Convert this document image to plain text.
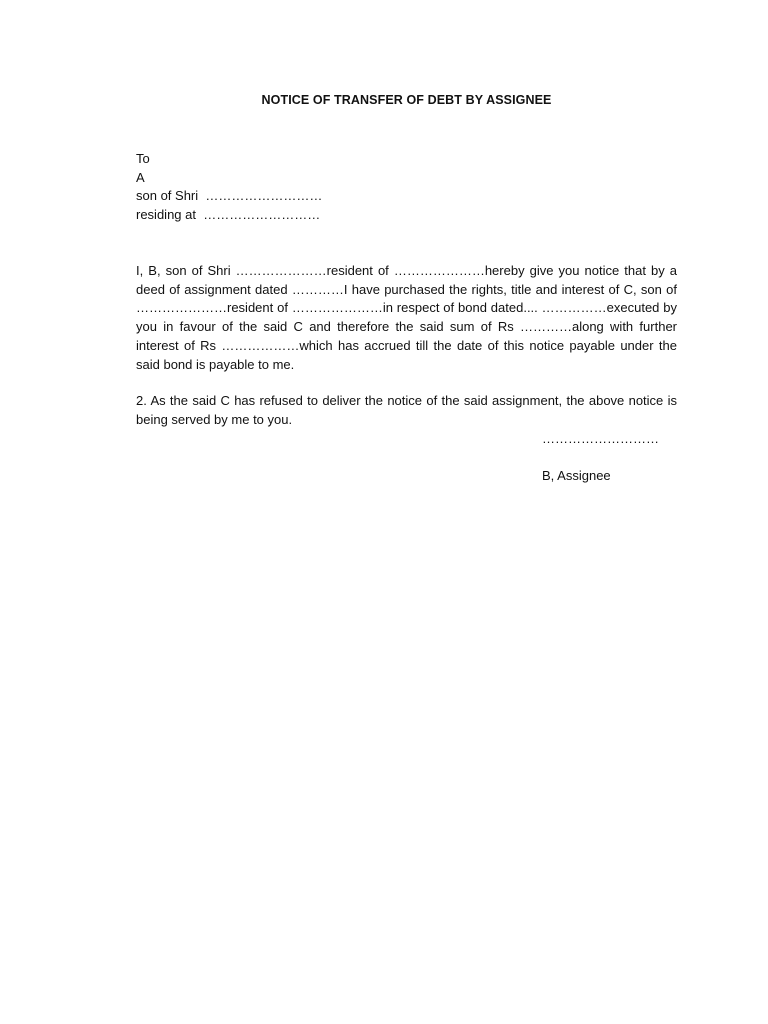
NOTICE OF TRANSFER OF DEBT BY ASSIGNEE
To
A
son of Shri  ………………………
residing at  ………………………
I, B, son of Shri …………………resident of …………………hereby give you notice that by a deed of assignment dated …………I have purchased the rights, title and interest of C, son of …………………resident of …………………in respect of bond dated.... ……………executed by you in favour of the said C and therefore the said sum of Rs …………along with further interest of Rs ………………which has accrued till the date of this notice payable under the said bond is payable to me.
2. As the said C has refused to deliver the notice of the said assignment, the above notice is being served by me to you.
………………………
B, Assignee
